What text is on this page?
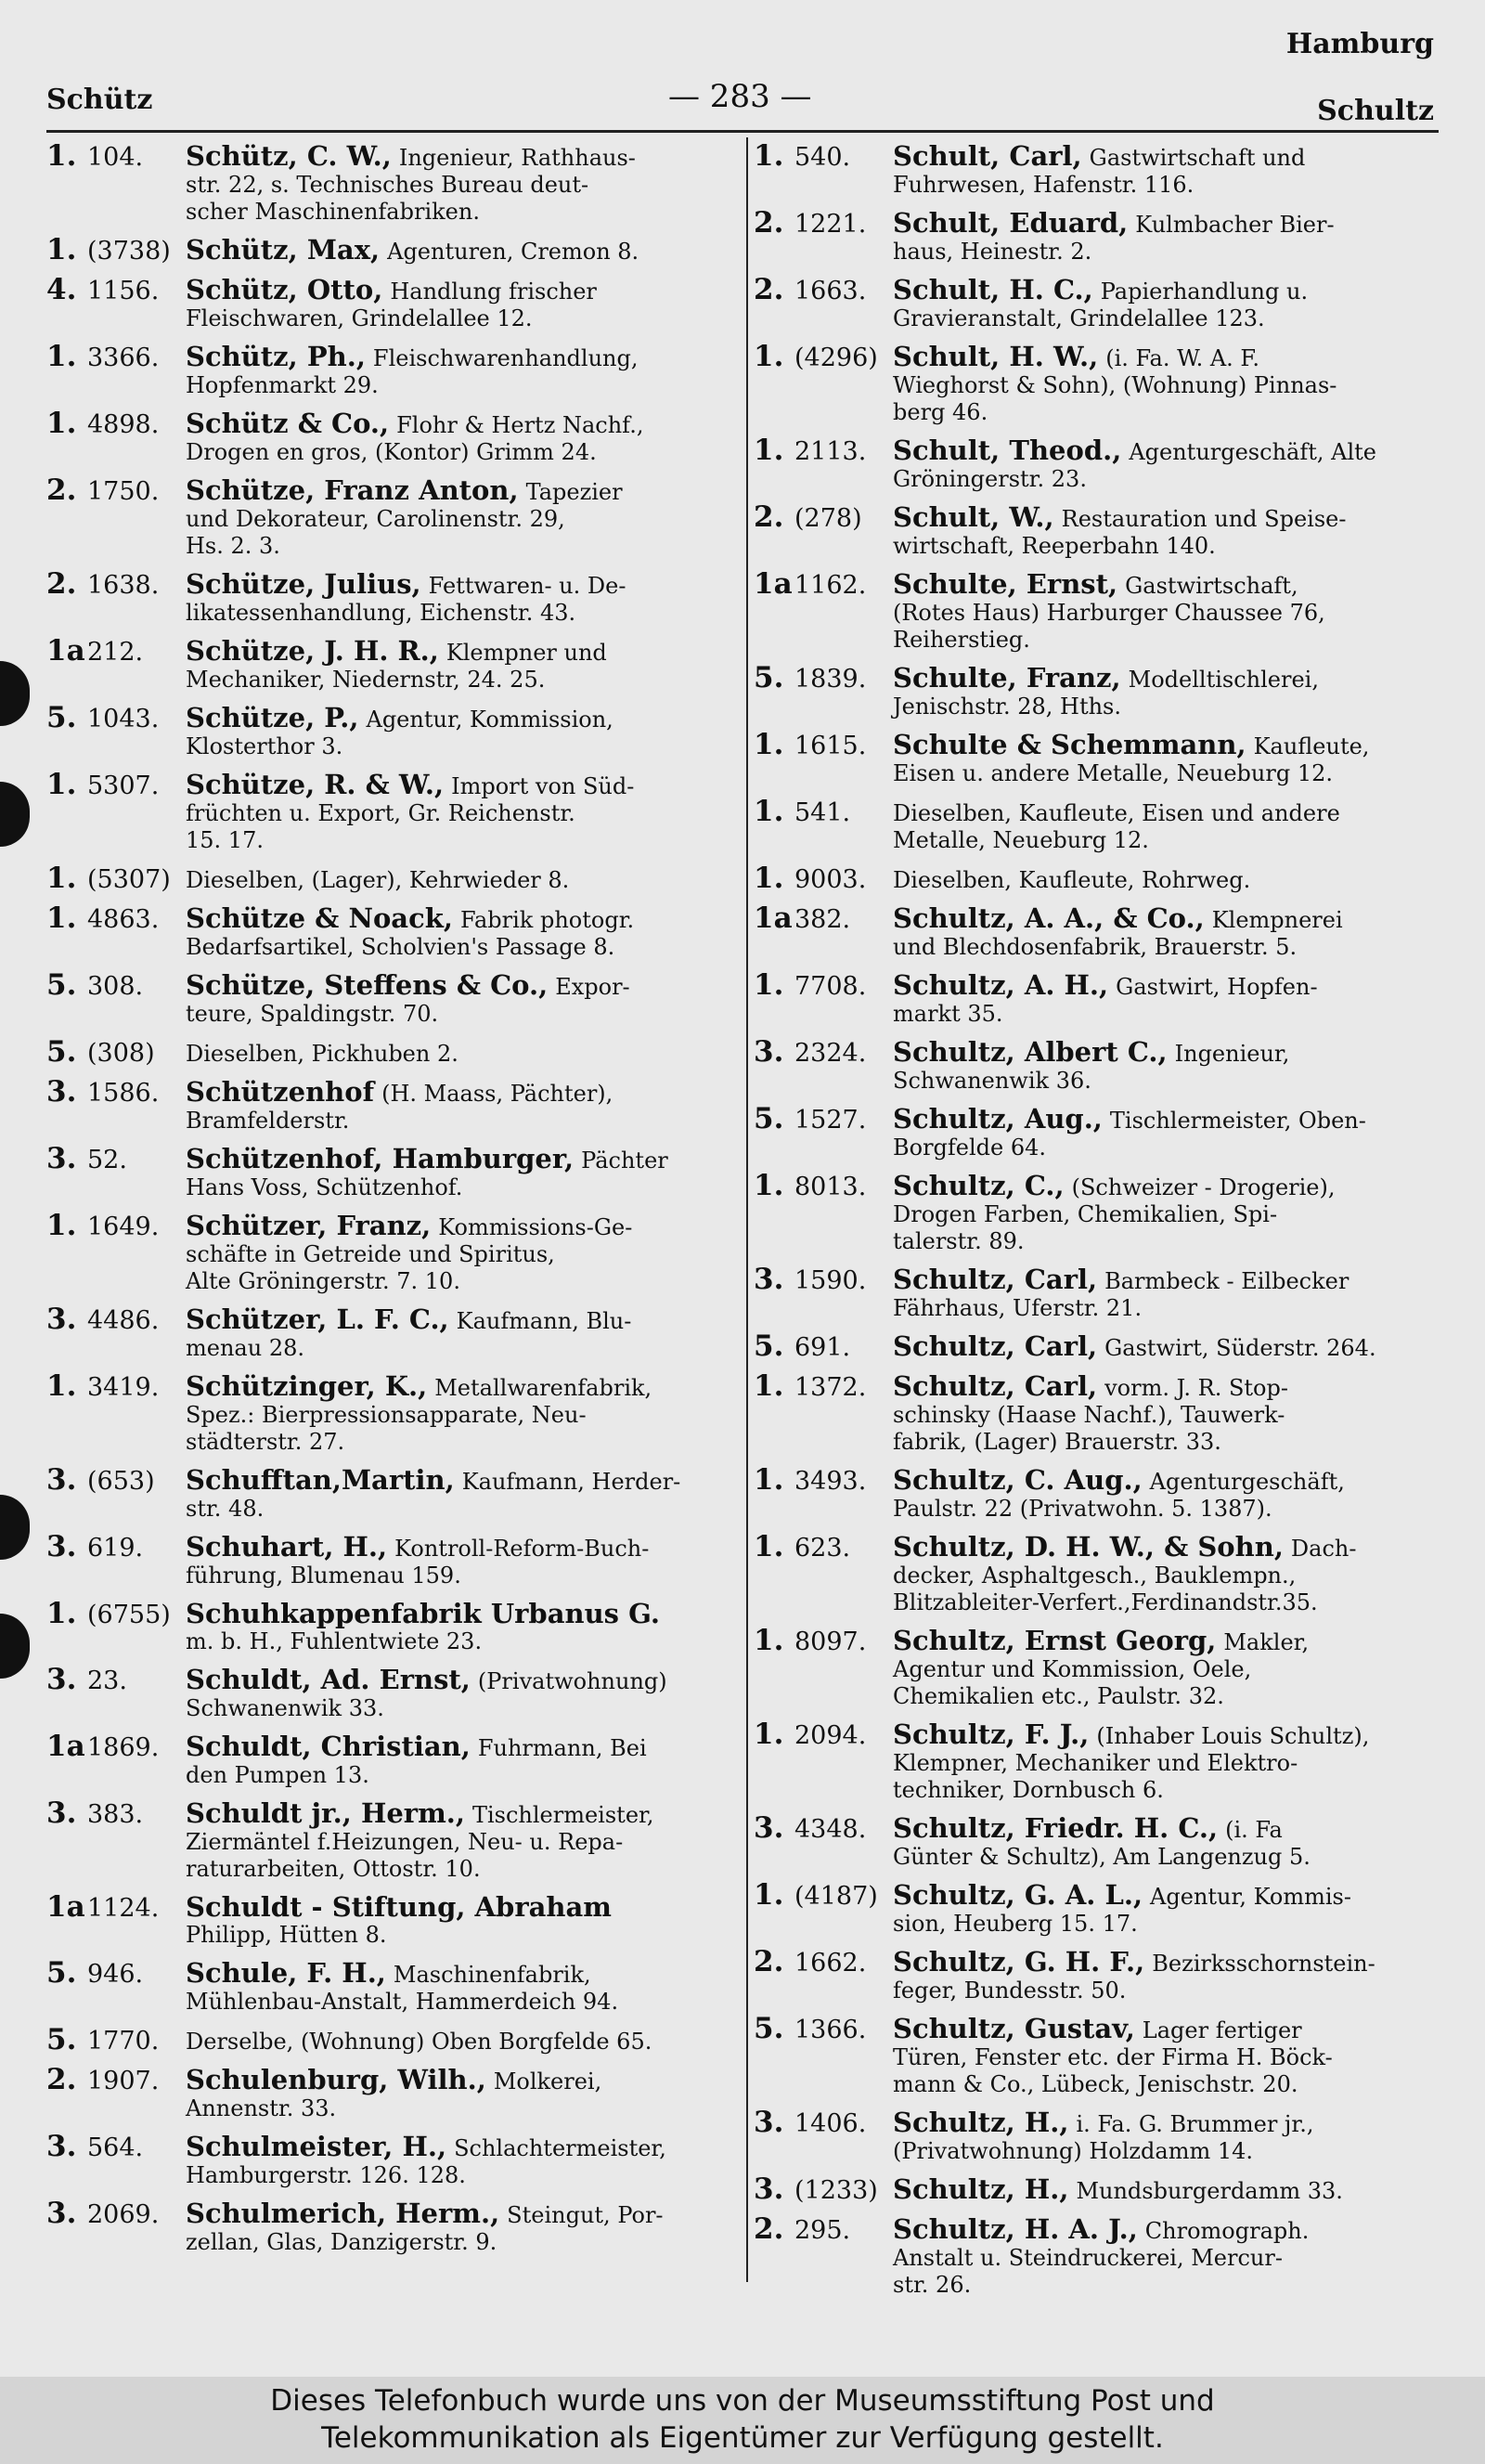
Hamburg
Schütz	— 283 —	Schultz
1. 104.	Schütz, C. W., Ingenieur, Rathhaus-
str. 22, s. Technisches Bureau deut-
scher Maschinenfabriken.
1. (3738) Schütz, Max, Agenturen, Cremon 8.
4. 1156. Schütz, Otto, Handlung frischer
Fleischwaren, Grindelallee 12.
1. 3366. Schütz, Ph., Fleischwarenhandlung,
Hopfenmarkt 29.
1. 4898. Schütz & Co., Flohr & Hertz Nachf.,
Drogen en gros, (Kontor) Grimm 24.
2. 1750. Schütze, Franz Anton, Tapezier
und Dekorateur, Carolinenstr. 29,
Hs. 2. 3.
2. 1638. Schütze, Julius, Fettwaren- u. De-
likatessenhandlung, Eichenstr. 43.
1a 212.	Schütze, J. H. R., Klempner und
Mechaniker, Niedernstr, 24. 25.
5. 1043. Schütze, P., Agentur, Kommission,
Klosterthor 3.
1. 5307. Schütze, R. & W., Import von Süd-
früchten u. Export, Gr. Reichenstr.
15. 17.
1. (5307) Dieselben, (Lager), Kehrwieder 8.
1. 4863. Schütze & Noack, Fabrik photogr.
Bedarfsartikel, Scholvien's Passage 8.
5. 308.	Schütze, Steffens & Co., Expor-
teure, Spaldingstr. 70.
5. (308)	Dieselben, Pickhuben 2.
3. 1586. Schützenhof (H. Maass, Pächter),
Bramfelderstr.
3. 52.	Schützenhof, Hamburger, Pächter
Hans Voss, Schützenhof.
1. 1649. Schützer, Franz, Kommissions-Ge-
schäfte in Getreide und Spiritus,
Alte Gröningerstr. 7. 10.
3. 4486. Schützer, L. F. C., Kaufmann, Blu-
menau 28.
1. 3419. Schützinger, K., Metallwarenfabrik,
Spez.: Bierpressionsapparate, Neu-
städterstr. 27.
3. (653)	Schufftan,Martin, Kaufmann, Herder-
str. 48.
3. 619.	Schuhart, H., Kontroll-Reform-Buch-
führung, Blumenau 159.
1. (6755) Schuhkappenfabrik Urbanus G.
m. b. H., Fuhlentwiete 23.
3. 23.	Schuldt, Ad. Ernst, (Privatwohnung)
Schwanenwik 33.
1a 1869. Schuldt, Christian, Fuhrmann, Bei
den Pumpen 13.
3. 383.	Schuldt jr., Herm., Tischlermeister,
Ziermäntel f.Heizungen, Neu- u. Repa-
raturarbeiten, Ottostr. 10.
1a 1124. Schuldt - Stiftung, Abraham
Philipp, Hütten 8.
5. 946.	Schule, F. H., Maschinenfabrik,
Mühlenbau-Anstalt, Hammerdeich 94.
5. 1770.	Derselbe, (Wohnung) Oben Borgfelde 65.
2. 1907. Schulenburg, Wilh., Molkerei,
Annenstr. 33.
3. 564.	Schulmeister, H., Schlachtermeister,
Hamburgerstr. 126. 128.
3. 2069. Schulmerich, Herm., Steingut, Por-
zellan, Glas, Danzigerstr. 9.
1. 540.	Schult, Carl, Gastwirtschaft und
Fuhrwesen, Hafenstr. 116.
2. 1221. Schult, Eduard, Kulmbacher Bier-
haus, Heinestr. 2.
2. 1663. Schult, H. C., Papierhandlung u.
Gravieranstalt, Grindelallee 123.
1. (4296) Schult, H. W., (i. Fa. W. A. F.
Wieghorst & Sohn), (Wohnung) Pinnas-
berg 46.
1. 2113. Schult, Theod., Agenturgeschäft, Alte
Gröningerstr. 23.
2. (278)	Schult, W., Restauration und Speise-
wirtschaft, Reeperbahn 140.
1a 1162. Schulte, Ernst, Gastwirtschaft,
(Rotes Haus) Harburger Chaussee 76,
Reiherstieg.
5. 1839. Schulte, Franz, Modelltischlerei,
Jenischstr. 28, Hths.
1. 1615. Schulte & Schemmann, Kaufleute,
Eisen u. andere Metalle, Neueburg 12.
1. 541.	Dieselben, Kaufleute, Eisen und andere
Metalle, Neueburg 12.
1. 9003.	Dieselben, Kaufleute, Rohrweg.
1a 382.	Schultz, A. A., & Co., Klempnerei
und Blechdosenfabrik, Brauerstr. 5.
1. 7708. Schultz, A. H., Gastwirt, Hopfen-
markt 35.
3. 2324. Schultz, Albert C., Ingenieur,
Schwanenwik 36.
5. 1527. Schultz, Aug., Tischlermeister, Oben-
Borgfelde 64.
1. 8013. Schultz, C., (Schweizer - Drogerie),
Drogen Farben, Chemikalien, Spi-
talerstr. 89.
3. 1590. Schultz, Carl, Barmbeck - Eilbecker
Fährhaus, Uferstr. 21.
5. 691.	Schultz, Carl, Gastwirt, Süderstr. 264.
1. 1372. Schultz, Carl, vorm. J. R. Stop-
schinsky (Haase Nachf.), Tauwerk-
fabrik, (Lager) Brauerstr. 33.
1. 3493. Schultz, C. Aug., Agenturgeschäft,
Paulstr. 22 (Privatwohn. 5. 1387).
1. 623.	Schultz, D. H. W., & Sohn, Dach-
decker, Asphaltgesch., Bauklempn.,
Blitzableiter-Verfert.,Ferdinandstr.35.
1. 8097. Schultz, Ernst Georg, Makler,
Agentur und Kommission, Oele,
Chemikalien etc., Paulstr. 32.
1. 2094. Schultz, F. J., (Inhaber Louis Schultz),
Klempner, Mechaniker und Elektro-
techniker, Dornbusch 6.
3. 4348. Schultz, Friedr. H. C., (i. Fa
Günter & Schultz), Am Langenzug 5.
1. (4187) Schultz, G. A. L., Agentur, Kommis-
sion, Heuberg 15. 17.
2. 1662. Schultz, G. H. F., Bezirksschornstein-
feger, Bundesstr. 50.
5. 1366. Schultz, Gustav, Lager fertiger
Türen, Fenster etc. der Firma H. Böck-
mann & Co., Lübeck, Jenischstr. 20.
3. 1406. Schultz, H., i. Fa. G. Brummer jr.,
(Privatwohnung) Holzdamm 14.
3. (1233) Schultz, H., Mundsburgerdamm 33.
2. 295.	Schultz, H. A. J., Chromograph.
Anstalt u. Steindruckerei, Mercur-
str. 26.
Dieses Telefonbuch wurde uns von der Museumsstiftung Post und
Telekommunikation als Eigentümer zur Verfügung gestellt.
